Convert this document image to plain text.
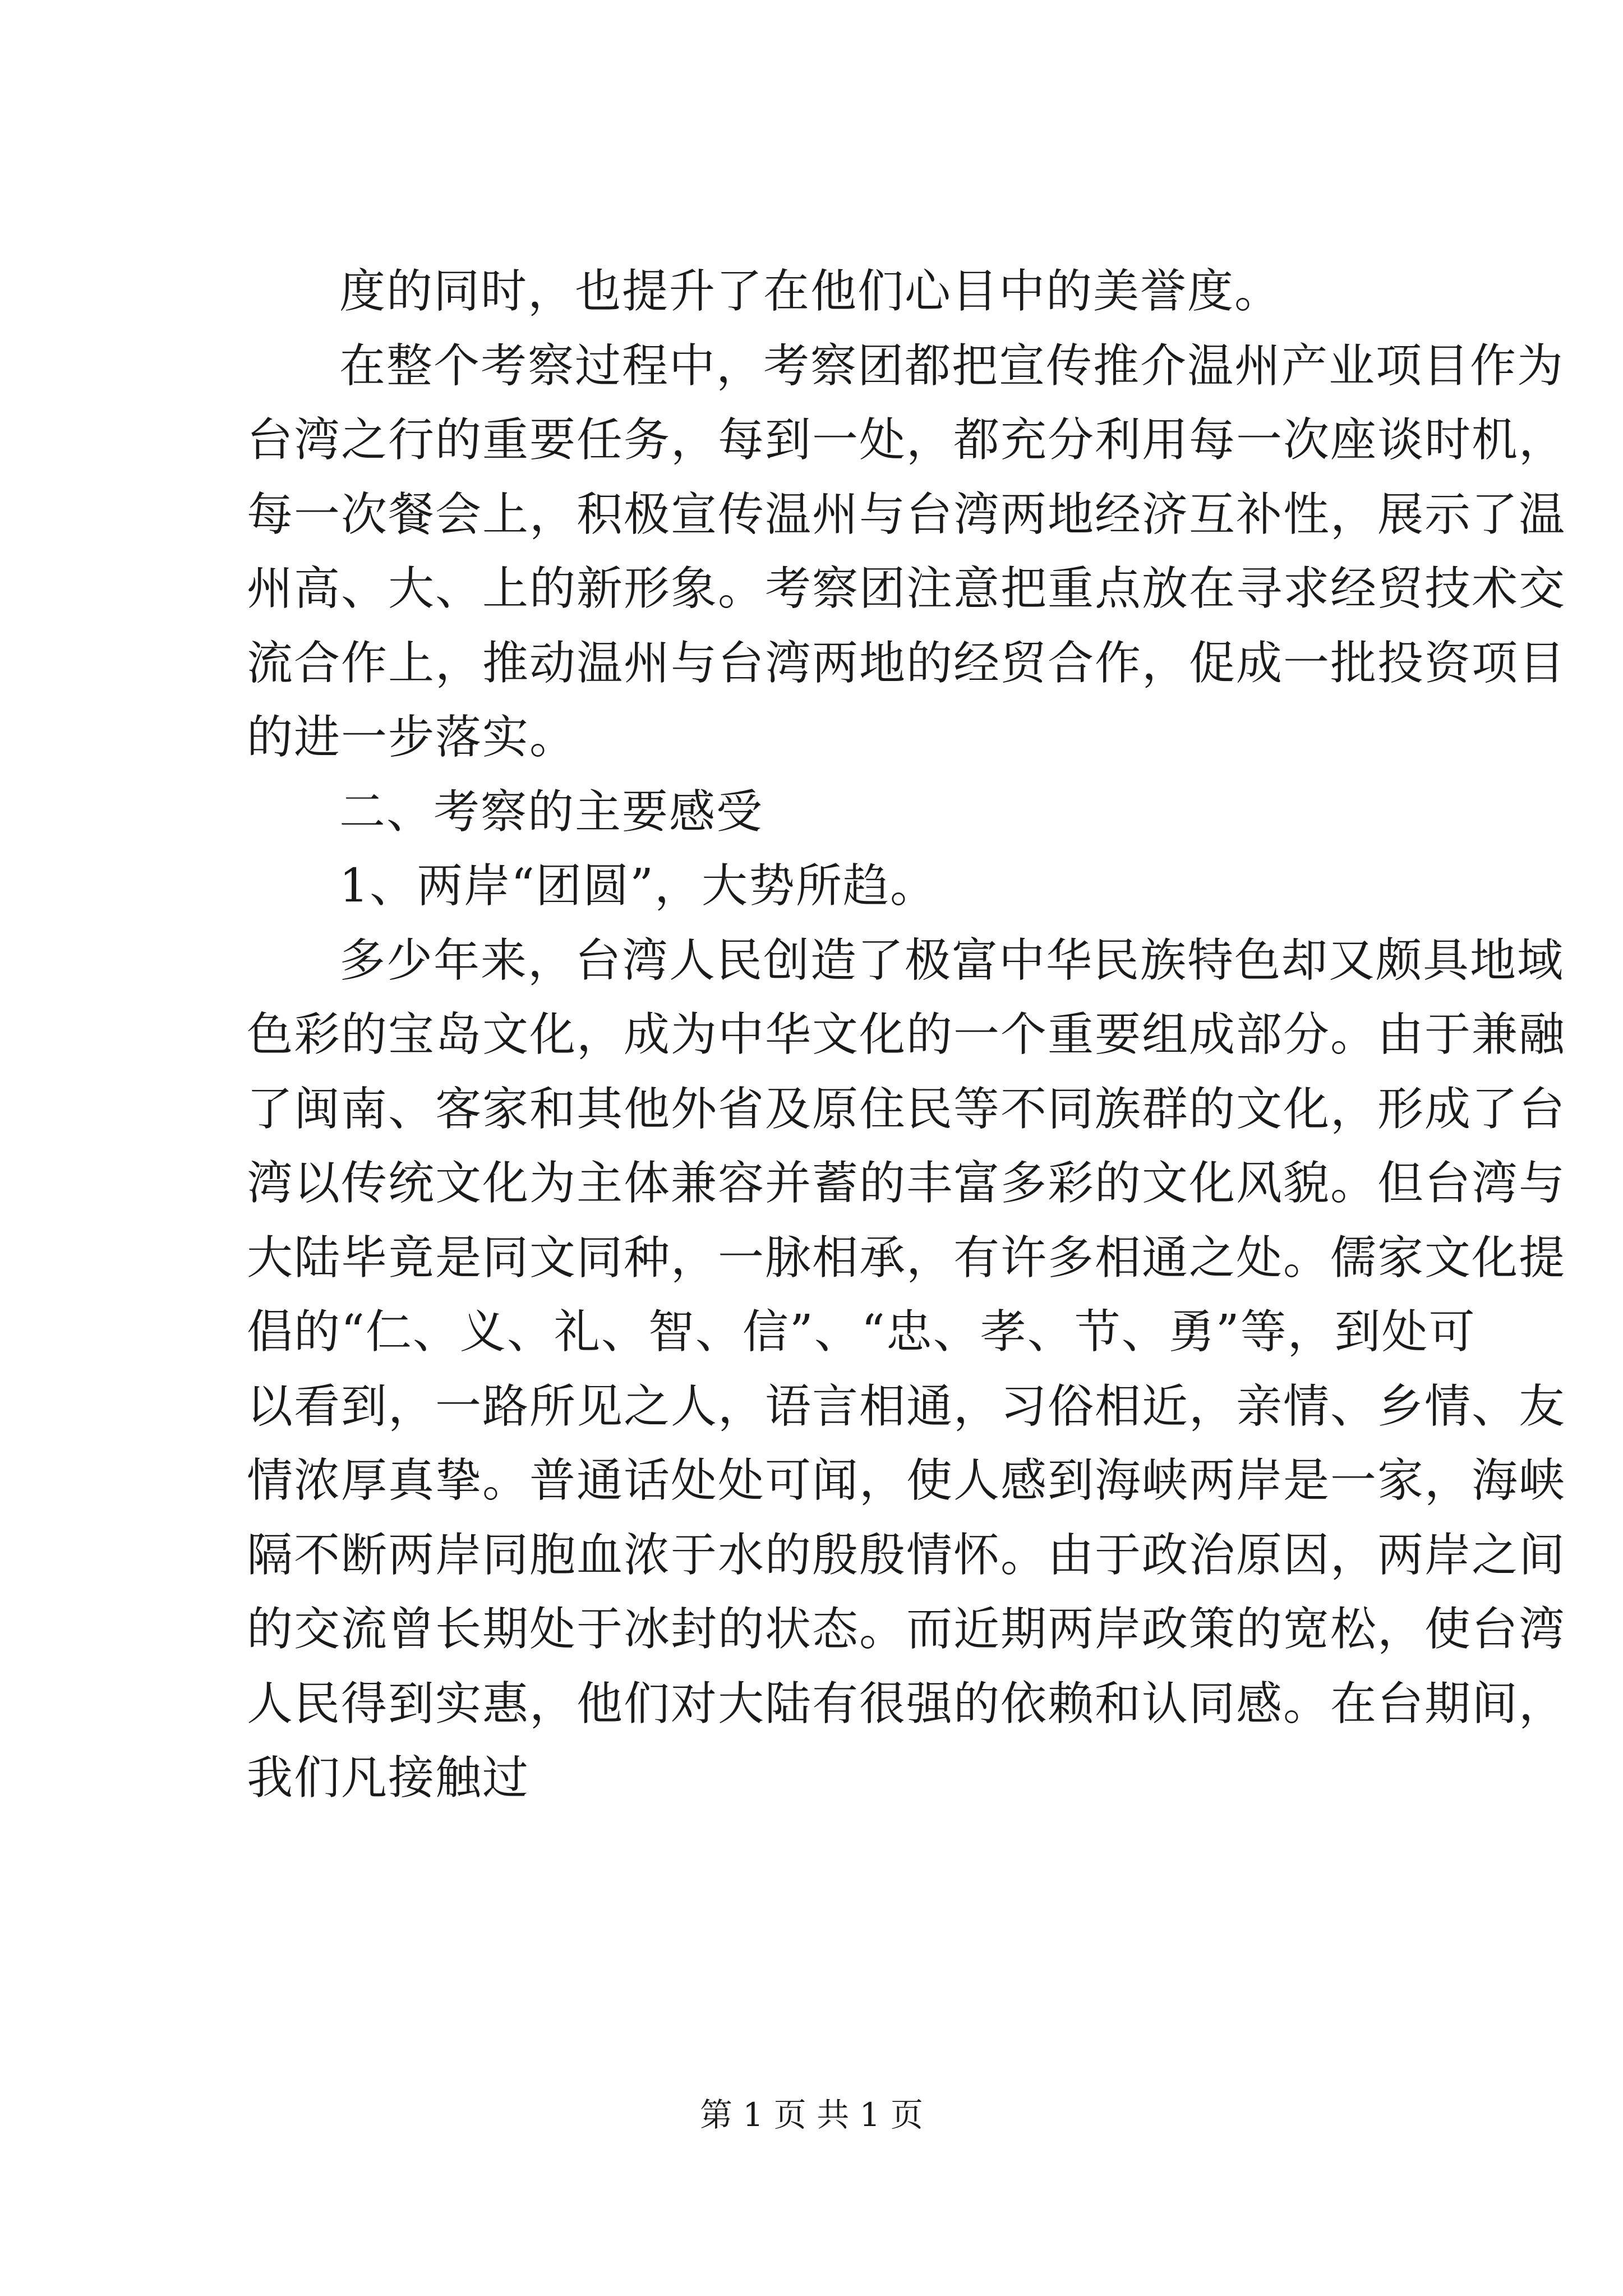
度的同时，也提升了在他们心目中的美誉度。
在整个考察过程中，考察团都把宣传推介温州产业项目作为
台湾之行的重要任务，每到一处，都充分利用每一次座谈时机，
每一次餐会上，积极宣传温州与台湾两地经济互补性，展示了温
州高、大、上的新形象。考察团注意把重点放在寻求经贸技术交
流合作上，推动温州与台湾两地的经贸合作，促成一批投资项目
的进一步落实。
二、考察的主要感受
1、两岸“团圆”，大势所趋。
多少年来，台湾人民创造了极富中华民族特色却又颇具地域
色彩的宝岛文化，成为中华文化的一个重要组成部分。由于兼融
了闽南、客家和其他外省及原住民等不同族群的文化，形成了台
湾以传统文化为主体兼容并蓄的丰富多彩的文化风貌。但台湾与
大陆毕竟是同文同种，一脉相承，有许多相通之处。儒家文化提
倡的“仁、义、礼、智、信”、“忠、孝、节、勇”等，到处可
以看到，一路所见之人，语言相通，习俗相近，亲情、乡情、友
情浓厚真挚。普通话处处可闻，使人感到海峡两岸是一家，海峡
隔不断两岸同胞血浓于水的殷殷情怀。由于政治原因，两岸之间
的交流曾长期处于冰封的状态。而近期两岸政策的宽松，使台湾
人民得到实惠，他们对大陆有很强的依赖和认同感。在台期间，
我们凡接触过
第 1 页 共 1 页
